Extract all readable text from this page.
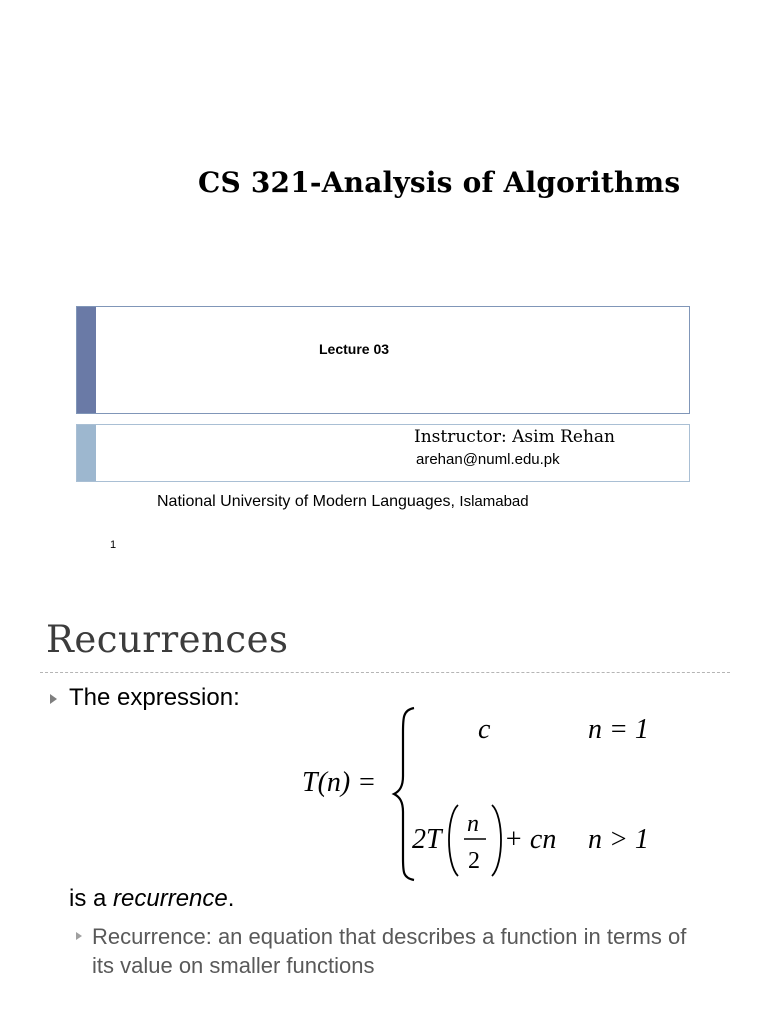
CS 321-Analysis of Algorithms
Lecture 03
Instructor: Asim Rehan
arehan@numl.edu.pk
National University of Modern Languages, Islamabad
1
Recurrences
The expression:
T(n) =
c	n = 1
2T n
2
+ cn n > 1
is a recurrence.
Recurrence: an equation that describes a function in terms of its value on smaller functions
